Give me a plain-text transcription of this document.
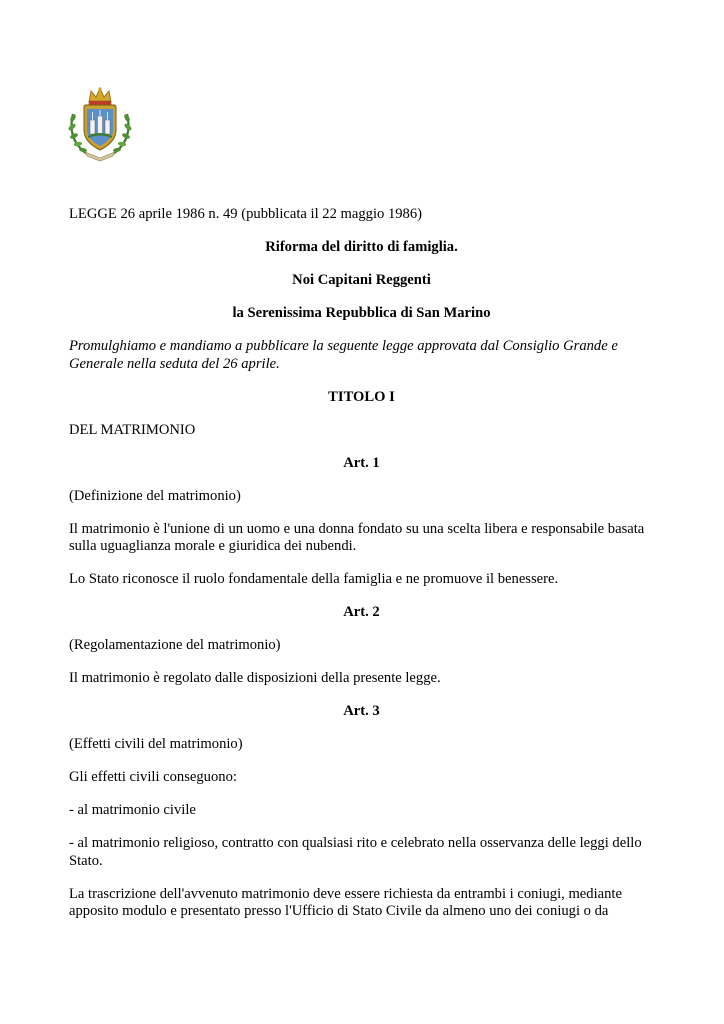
LEGGE 26 aprile 1986 n. 49 (pubblicata il 22 maggio 1986)

Riforma del diritto di famiglia.

Noi Capitani Reggenti

la Serenissima Repubblica di San Marino

Promulghiamo e mandiamo a pubblicare la seguente legge approvata dal Consiglio Grande e Generale nella seduta del 26 aprile.

TITOLO I

DEL MATRIMONIO

Art. 1

(Definizione del matrimonio)

Il matrimonio è l'unione di un uomo e una donna fondato su una scelta libera e responsabile basata sulla uguaglianza morale e giuridica dei nubendi.

Lo Stato riconosce il ruolo fondamentale della famiglia e ne promuove il benessere.

Art. 2

(Regolamentazione del matrimonio)

Il matrimonio è regolato dalle disposizioni della presente legge.

Art. 3

(Effetti civili del matrimonio)

Gli effetti civili conseguono:

- al matrimonio civile

- al matrimonio religioso, contratto con qualsiasi rito e celebrato nella osservanza delle leggi dello Stato.

La trascrizione dell'avvenuto matrimonio deve essere richiesta da entrambi i coniugi, mediante apposito modulo e presentato presso l'Ufficio di Stato Civile da almeno uno dei coniugi o da
